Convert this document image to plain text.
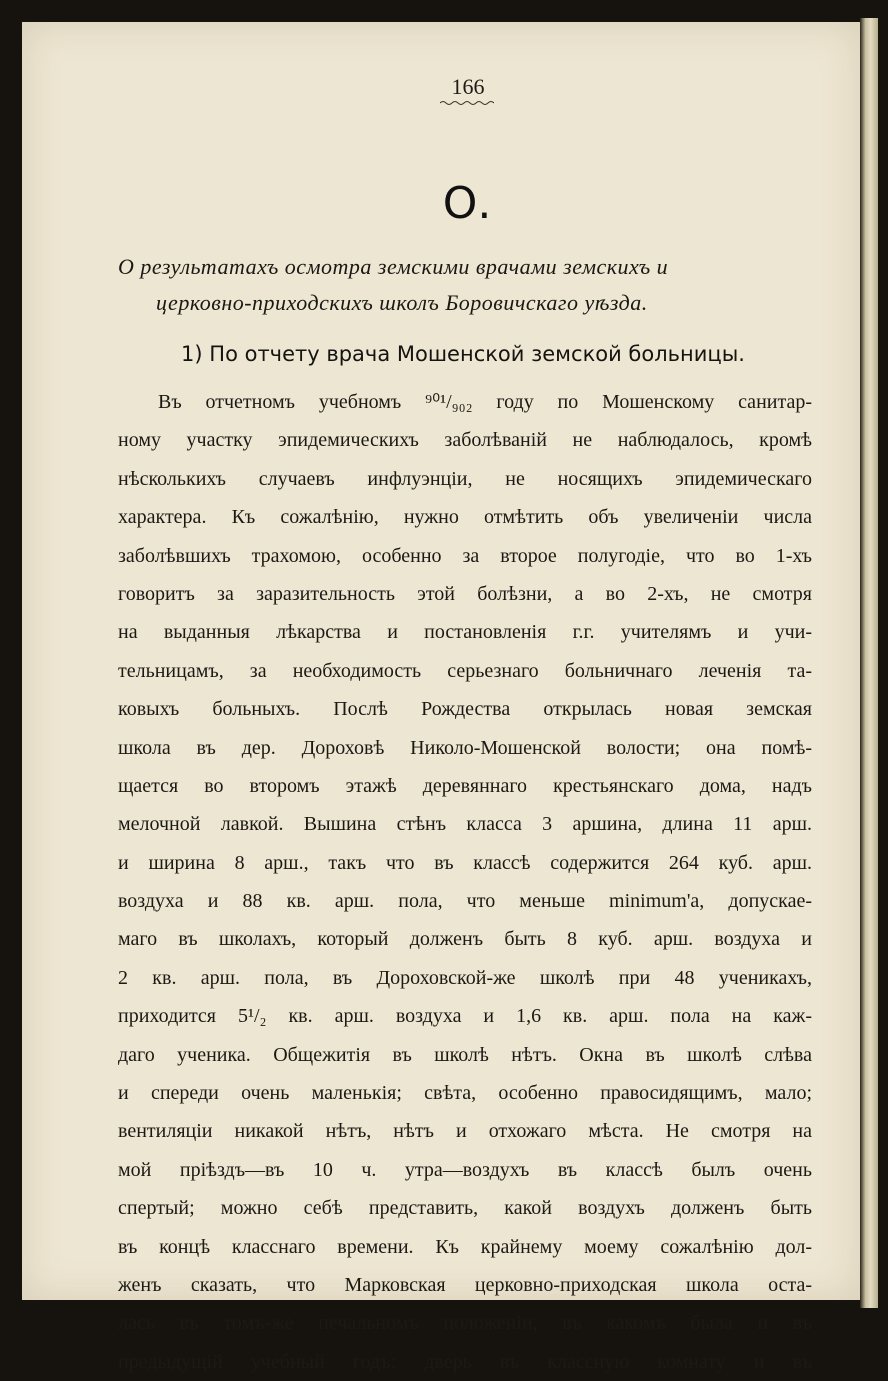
166
О.
О результатахъ осмотра земскими врачами земскихъ и
церковно-приходскихъ школъ Боровичскаго уѣзда.
1) По отчету врача Мошенской земской больницы.
Въ отчетномъ учебномъ ⁹⁰¹/₉₀₂ году по Мошенскому санитар-
ному участку эпидемическихъ заболѣваній не наблюдалось, кромѣ
нѣсколькихъ случаевъ инфлуэнціи, не носящихъ эпидемическаго
характера. Къ сожалѣнію, нужно отмѣтить объ увеличеніи числа
заболѣвшихъ трахомою, особенно за второе полугодіе, что во 1-хъ
говоритъ за заразительность этой болѣзни, а во 2-хъ, не смотря
на выданныя лѣкарства и постановленія г.г. учителямъ и учи-
тельницамъ, за необходимость серьезнаго больничнаго леченія та-
ковыхъ больныхъ. Послѣ Рождества открылась новая земская
школа въ дер. Дороховѣ Николо-Мошенской волости; она помѣ-
щается во второмъ этажѣ деревяннаго крестьянскаго дома, надъ
мелочной лавкой. Вышина стѣнъ класса 3 аршина, длина 11 арш.
и ширина 8 арш., такъ что въ классѣ содержится 264 куб. арш.
воздуха и 88 кв. арш. пола, что меньше minimum'а, допускае-
маго въ школахъ, который долженъ быть 8 куб. арш. воздуха и
2 кв. арш. пола, въ Дороховской-же школѣ при 48 ученикахъ,
приходится 5¹/₂ кв. арш. воздуха и 1,6 кв. арш. пола на каж-
даго ученика. Общежитія въ школѣ нѣтъ. Окна въ школѣ слѣва
и спереди очень маленькія; свѣта, особенно правосидящимъ, мало;
вентиляціи никакой нѣтъ, нѣтъ и отхожаго мѣста. Не смотря на
мой пріѣздъ—въ 10 ч. утра—воздухъ въ классѣ былъ очень
спертый; можно себѣ представить, какой воздухъ долженъ быть
въ концѣ класснаго времени. Къ крайнему моему сожалѣнію дол-
женъ сказать, что Марковская церковно-приходская школа оста-
лась въ томъ-же печальномъ положеніи, въ какомъ была и въ
предыдущій учебный годъ: дверь въ классную комнату и въ
